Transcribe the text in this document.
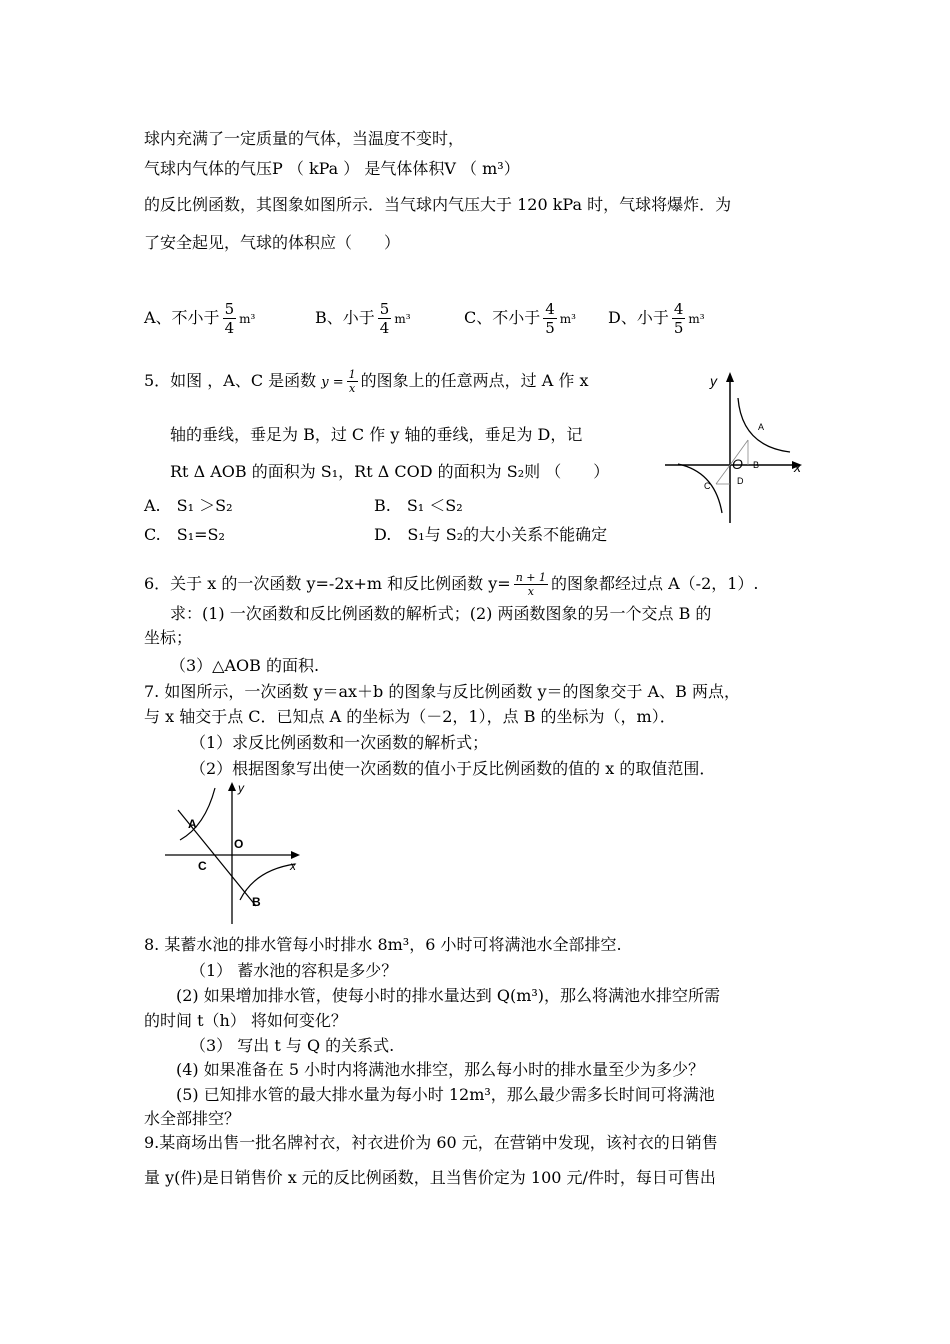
球内充满了一定质量的气体，当温度不变时，
气球内气体的气压P （ kPa ） 是气体体积V （ m³）
的反比例函数，其图象如图所示．当气球内气压大于 120 kPa 时，气球将爆炸．为
了安全起见，气球的体积应（　　）
A、不小于 $\frac{5}{4} m^3$	B、小于 $\frac{5}{4} m^3$	C、不小于 $\frac{4}{5} m^3$ D、小于 $\frac{4}{5} m^3$
5．如图 ，A、C 是函数 $y = \frac{1}{x}$ 的图象上的任意两点，过 A 作 x
轴的垂线，垂足为 B，过 C 作 y 轴的垂线，垂足为 D，记
Rt Δ AOB 的面积为 S₁，Rt Δ COD 的面积为 S₂则 （　　）
A.　S₁ ＞S₂	B.　S₁ ＜S₂
C.　S₁=S₂	D.　S₁与 S₂的大小关系不能确定
y
x
O
A
B
C	D
6．关于 x 的一次函数 y=-2x+m 和反比例函数 $y= \frac{n + 1}{x}$ 的图象都经过点 A（-2，1）.
求：(1) 一次函数和反比例函数的解析式；(2) 两函数图象的另一个交点 B 的
坐标；
（3）△AOB 的面积.
7. 如图所示，一次函数 y＝ax＋b 的图象与反比例函数 y＝的图象交于 A、B 两点，
与 x 轴交于点 C．已知点 A 的坐标为（－2，1），点 B 的坐标为（，m）．
（1）求反比例函数和一次函数的解析式；
（2）根据图象写出使一次函数的值小于反比例函数的值的 x 的取值范围．
O
A
C
B
y
x
8. 某蓄水池的排水管每小时排水 8m³，6 小时可将满池水全部排空.
（1） 蓄水池的容积是多少？
(2) 如果增加排水管，使每小时的排水量达到 Q(m³)，那么将满池水排空所需
的时间 t（h） 将如何变化？
（3） 写出 t 与 Q 的关系式.
(4) 如果准备在 5 小时内将满池水排空，那么每小时的排水量至少为多少？
(5) 已知排水管的最大排水量为每小时 12m³，那么最少需多长时间可将满池
水全部排空？
9.某商场出售一批名牌衬衣，衬衣进价为 60 元，在营销中发现，该衬衣的日销售
量 y(件)是日销售价 x 元的反比例函数，且当售价定为 100 元/件时，每日可售出
